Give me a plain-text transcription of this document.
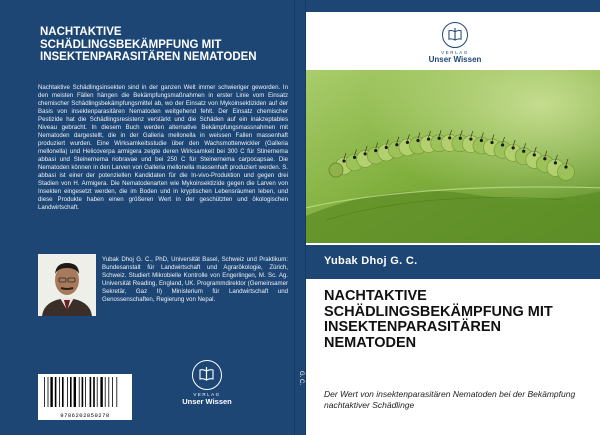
NACHTAKTIVE SCHÄDLINGSBEKÄMPFUNG MIT INSEKTENPARASITÄREN NEMATODEN
Nachtaktive Schädlingsinsekten sind in der ganzen Welt immer schwieriger geworden. In den meisten Fällen hängen die Bekämpfungsmaßnahmen in erster Linie vom Einsatz chemischer Schädlingsbekämpfungsmittel ab, wo der Einsatz von Mykoinsektiziden auf der Basis von insektenparasitären Nematoden weitgehend fehlt. Der Einsatz chemischer Pestizide hat die Schädlingsresistenz verstärkt und die Schäden auf ein inakzeptables Niveau gebracht. In diesem Buch werden alternative Bekämpfungsmassnahmen mit Nematoden dargestellt, die in der Galleria mellonella in weissen Fallen massenhaft produziert wurden. Eine Wirksamkeitsstudie über den Wachsmottenwickler (Galleria mellonella) und Helicoverpa armigera zeigte deren Wirksamkeit bei 300 C für Stinernema abbasi und Steinernema riobravae und bei 250 C für Steinernema carpocapsae. Die Nematoden können in den Larven von Galleria mellonella massenhaft produziert werden. S. abbasi ist einer der potenziellen Kandidaten für die In-vivo-Produktion und gegen drei Stadien von H. Armigera. Die Nematodenarten wie Mykoinsektizide gegen die Larven von Insekten eingesetzt werden, die im Boden und in kryptischen Lebensräumen leben, und diese Produkte haben einen größeren Wert in der geschützten und ökologischen Landwirtschaft.
Yubak Dhoj G. C., PhD, Universität Basel, Schweiz und Praktikum: Bundesanstalt für Landwirtschaft und Agrarökologie, Zürich, Schweiz. Studiert Mikrobielle Kontrolle von Engerlingen, M. Sc. Ag. Universität Reading, England, UK. Programmdirektor (Gemeinsamer Sekretär, Gaz II) Ministerium für Landwirtschaft und Genossenschaften, Regierung von Nepal.
VERLAG
Unser Wissen
9786202850278
G. C.
VERLAG
Unser Wissen
Yubak Dhoj G. C.
NACHTAKTIVE SCHÄDLINGSBEKÄMPFUNG MIT INSEKTENPARASITÄREN NEMATODEN
Der Wert von insektenparasitären Nematoden bei der Bekämpfung nachtaktiver Schädlinge
